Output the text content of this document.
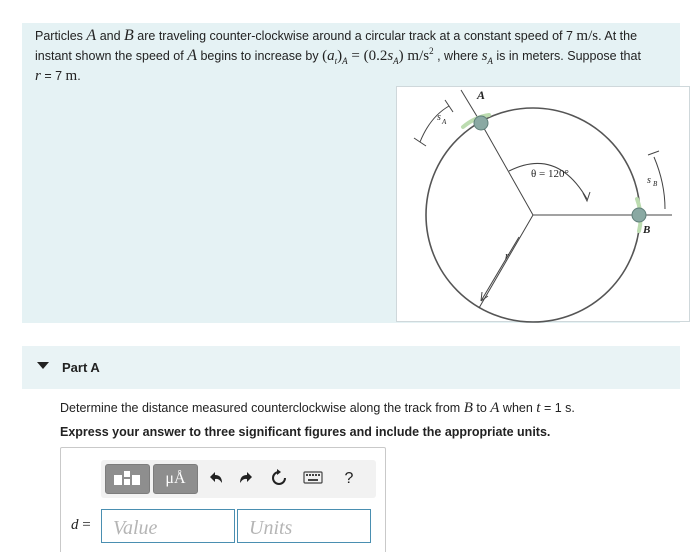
Particles A and B are traveling counter-clockwise around a circular track at a constant speed of 7 m/s. At the instant shown the speed of A begins to increase by $(a_t)_A = (0.2s_A)$ $m/s^2$ , where $s_A$ is in meters. Suppose that
r = 7 m.
A
B
s A
s B
θ = 120°
r
Part A
Determine the distance measured counterclockwise along the track from B to A when t = 1 s.
Express your answer to three significant figures and include the appropriate units.
μÅ	?
d =
Value
Units
